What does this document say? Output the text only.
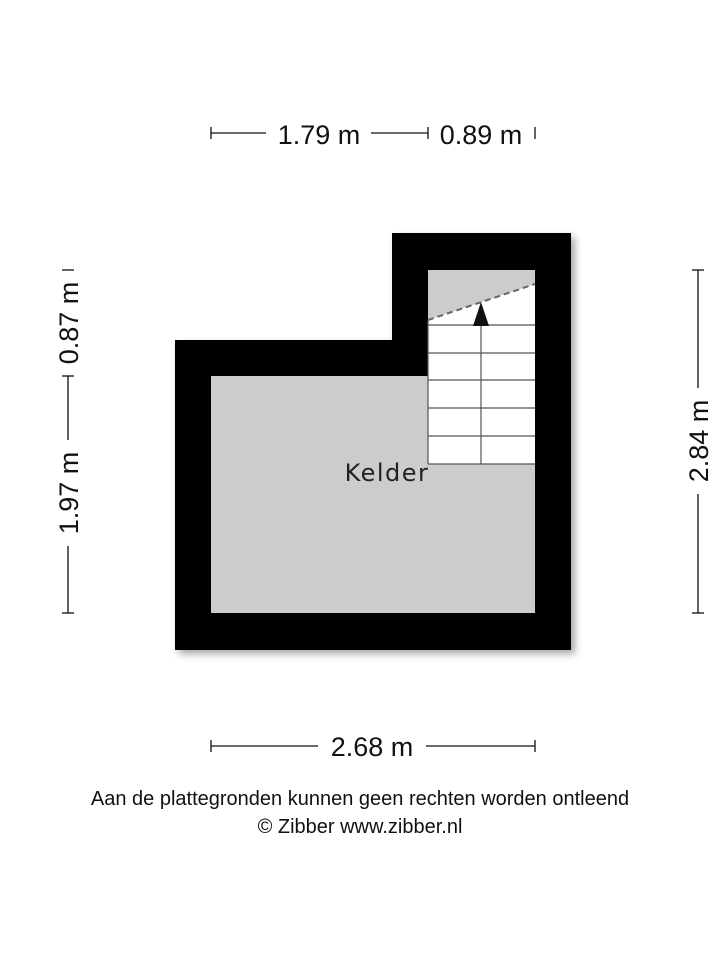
Kelder
1.79 m	0.89 m
0.87 m
1.97 m
2.84 m
2.68 m
Aan de plattegronden kunnen geen rechten worden ontleend
© Zibber www.zibber.nl
